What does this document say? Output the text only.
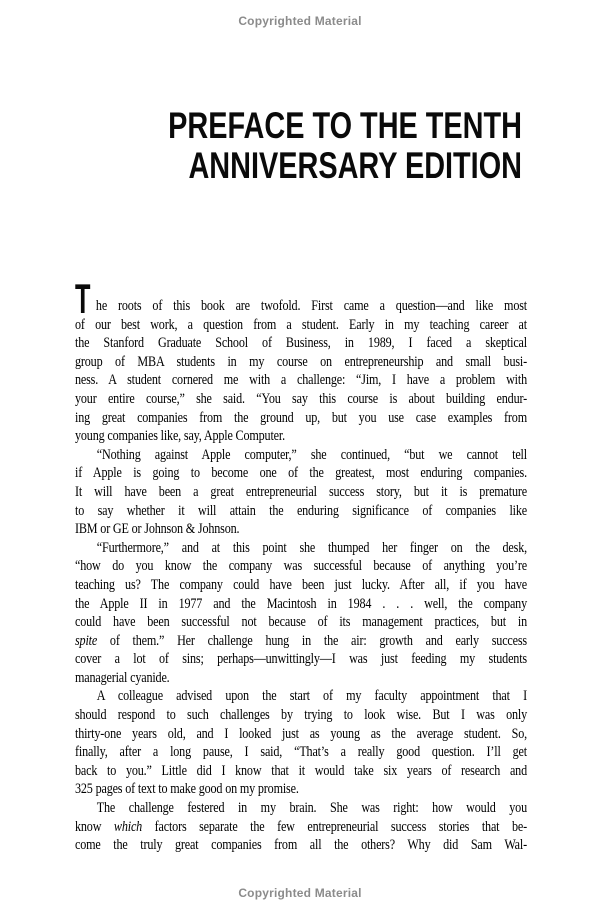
Copyrighted Material
PREFACE TO THE TENTH
ANNIVERSARY EDITION
T he roots of this book are twofold. First came a question—and like most
of our best work, a question from a student. Early in my teaching career at
the Stanford Graduate School of Business, in 1989, I faced a skeptical
group of MBA students in my course on entrepreneurship and small busi-
ness. A student cornered me with a challenge: “Jim, I have a problem with
your entire course,” she said. “You say this course is about building endur-
ing great companies from the ground up, but you use case examples from
young companies like, say, Apple Computer.
“Nothing against Apple computer,” she continued, “but we cannot tell
if Apple is going to become one of the greatest, most enduring companies.
It will have been a great entrepreneurial success story, but it is premature
to say whether it will attain the enduring significance of companies like
IBM or GE or Johnson & Johnson.
“Furthermore,” and at this point she thumped her finger on the desk,
“how do you know the company was successful because of anything you’re
teaching us? The company could have been just lucky. After all, if you have
the Apple II in 1977 and the Macintosh in 1984 . . . well, the company
could have been successful not because of its management practices, but in
spite of them.” Her challenge hung in the air: growth and early success
cover a lot of sins; perhaps—unwittingly—I was just feeding my students
managerial cyanide.
A colleague advised upon the start of my faculty appointment that I
should respond to such challenges by trying to look wise. But I was only
thirty-one years old, and I looked just as young as the average student. So,
finally, after a long pause, I said, “That’s a really good question. I’ll get
back to you.” Little did I know that it would take six years of research and
325 pages of text to make good on my promise.
The challenge festered in my brain. She was right: how would you
know which factors separate the few entrepreneurial success stories that be-
come the truly great companies from all the others? Why did Sam Wal-
Copyrighted Material
